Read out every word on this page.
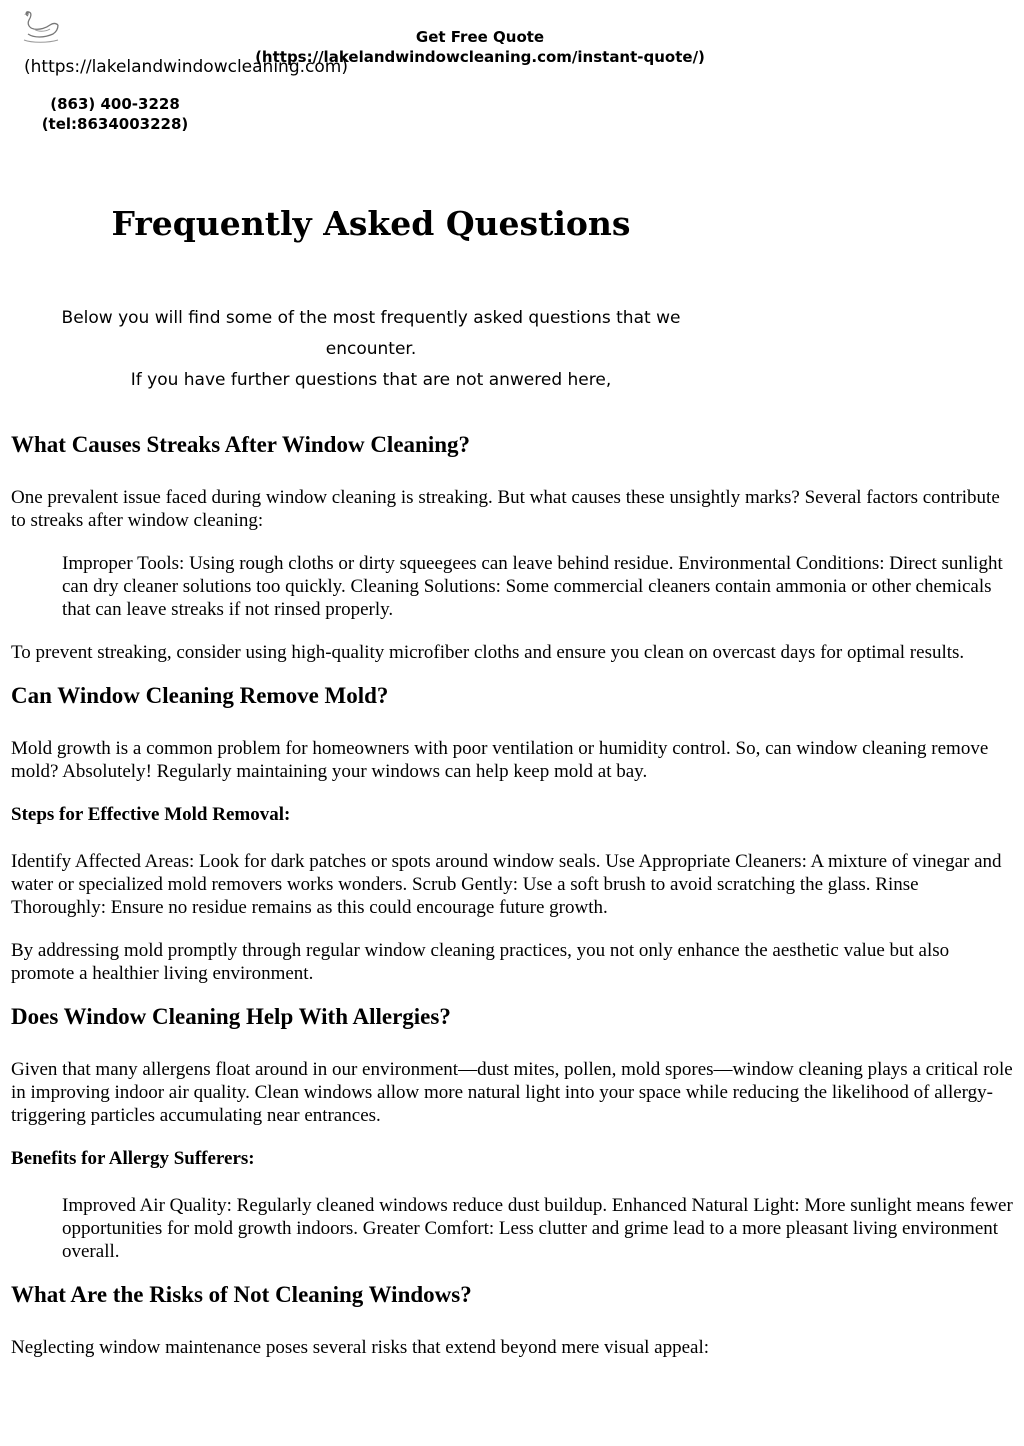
(https://lakelandwindowcleaning.com)
Get Free Quote
(https://lakelandwindowcleaning.com/instant-quote/)
(863) 400-3228
(tel:8634003228)
Frequently Asked Questions

Below you will find some of the most frequently asked questions that we encounter.

If you have further questions that are not anwered here,

What Causes Streaks After Window Cleaning?

One prevalent issue faced during window cleaning is streaking. But what causes these unsightly marks? Several factors contribute to streaks after window cleaning:

Improper Tools: Using rough cloths or dirty squeegees can leave behind residue. Environmental Conditions: Direct sunlight can dry cleaner solutions too quickly. Cleaning Solutions: Some commercial cleaners contain ammonia or other chemicals that can leave streaks if not rinsed properly.

To prevent streaking, consider using high-quality microfiber cloths and ensure you clean on overcast days for optimal results.

Can Window Cleaning Remove Mold?

Mold growth is a common problem for homeowners with poor ventilation or humidity control. So, can window cleaning remove mold? Absolutely! Regularly maintaining your windows can help keep mold at bay.

Steps for Effective Mold Removal:

Identify Affected Areas: Look for dark patches or spots around window seals. Use Appropriate Cleaners: A mixture of vinegar and water or specialized mold removers works wonders. Scrub Gently: Use a soft brush to avoid scratching the glass. Rinse Thoroughly: Ensure no residue remains as this could encourage future growth.

By addressing mold promptly through regular window cleaning practices, you not only enhance the aesthetic value but also promote a healthier living environment.

Does Window Cleaning Help With Allergies?

Given that many allergens float around in our environment—dust mites, pollen, mold spores—window cleaning plays a critical role in improving indoor air quality. Clean windows allow more natural light into your space while reducing the likelihood of allergy-triggering particles accumulating near entrances.

Benefits for Allergy Sufferers:
Improved Air Quality: Regularly cleaned windows reduce dust buildup. Enhanced Natural Light: More sunlight means fewer opportunities for mold growth indoors. Greater Comfort: Less clutter and grime lead to a more pleasant living environment overall.
What Are the Risks of Not Cleaning Windows?

Neglecting window maintenance poses several risks that extend beyond mere visual appeal:
